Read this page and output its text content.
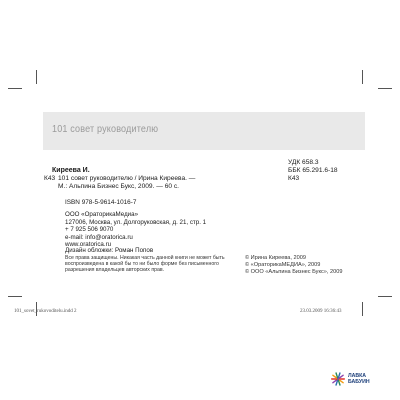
101 совет руководителю
УДК 658.3
ББК 65.291.6-18
К43
Киреева И.
К43 101 совет руководителю / Ирина Киреева. —
М.: Альпина Бизнес Букс, 2009. — 60 с.
ISBN 978-5-9614-1016-7
ООО «ОраторикаМедиа»
127006, Москва, ул. Долгоруковская, д. 21, стр. 1
+ 7 925 506 9070
e-mail: info@oratorica.ru
www.oratorica.ru
Дизайн обложки: Роман Попов
Все права защищены. Никакая часть данной книги не может быть
воспроизведена в какой бы то ни было форме без письменного
разрешения владельцев авторских прав.
© Ирина Киреева, 2009
© «ОраторикаМЕДИА», 2009
© ООО «Альпина Бизнес Букс», 2009
101_sovet_rukovoditelu.indd 2	23.03.2009 16:36:43
ЛАВКА
БАБУИН
